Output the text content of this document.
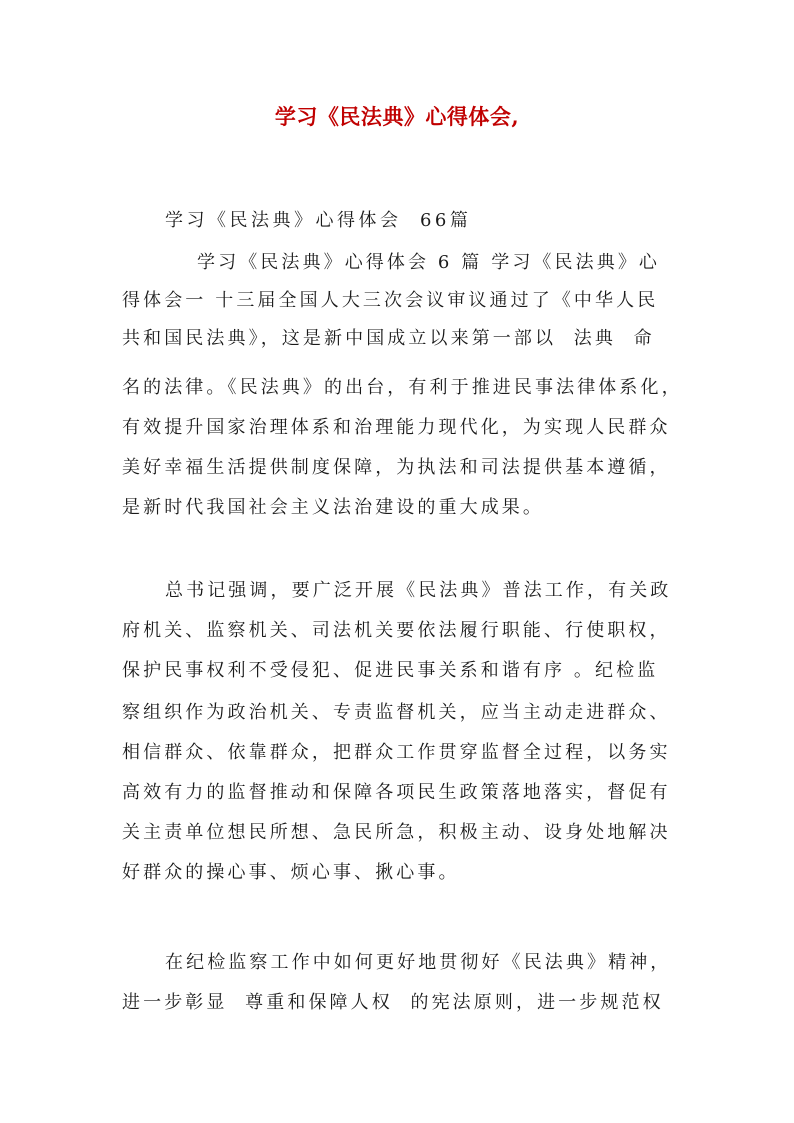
学习《民法典》心得体会,
学习《民法典》心得体会  66篇
学习《民法典》心得体会 6 篇 学习《民法典》心
得体会一 十三届全国人大三次会议审议通过了《中华人民
共和国民法典》，这是新中国成立以来第一部以  法典  命
名的法律。《民法典》的出台，有利于推进民事法律体系化，
有效提升国家治理体系和治理能力现代化，为实现人民群众
美好幸福生活提供制度保障，为执法和司法提供基本遵循，
是新时代我国社会主义法治建设的重大成果。
总书记强调，要广泛开展《民法典》普法工作，有关政
府机关、监察机关、司法机关要依法履行职能、行使职权，
保护民事权利不受侵犯、促进民事关系和谐有序 。纪检监
察组织作为政治机关、专责监督机关，应当主动走进群众、
相信群众、依靠群众，把群众工作贯穿监督全过程，以务实
高效有力的监督推动和保障各项民生政策落地落实，督促有
关主责单位想民所想、急民所急，积极主动、设身处地解决
好群众的操心事、烦心事、揪心事。
在纪检监察工作中如何更好地贯彻好《民法典》精神，
进一步彰显  尊重和保障人权  的宪法原则，进一步规范权
